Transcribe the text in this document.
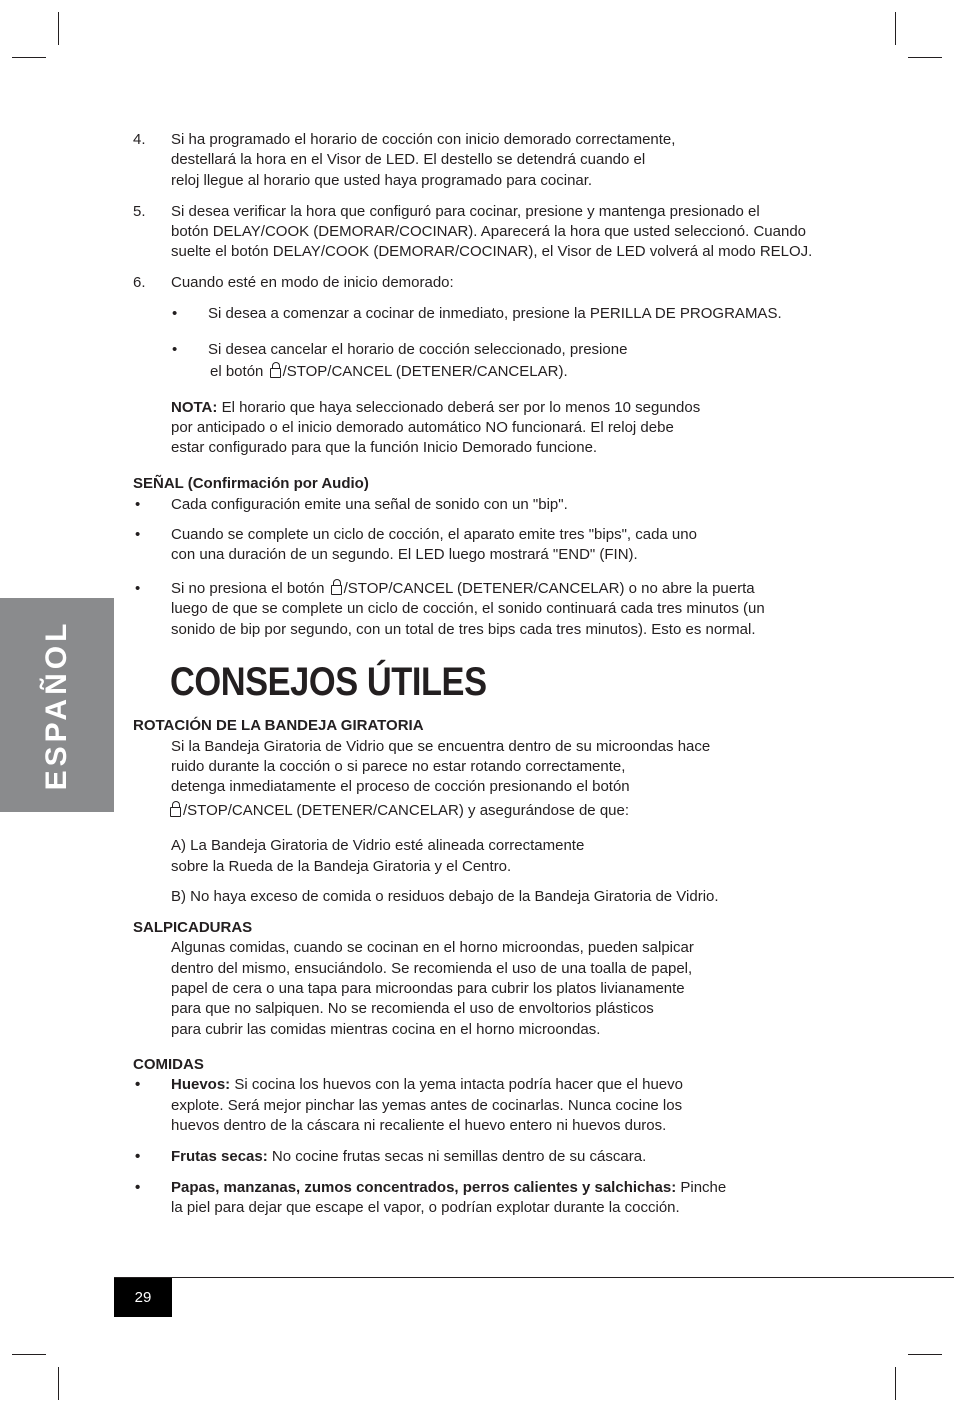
ESPAÑOL
4. Si ha programado el horario de cocción con inicio demorado correctamente,
destellará la hora en el Visor de LED. El destello se detendrá cuando el
reloj llegue al horario que usted haya programado para cocinar.
5. Si desea verificar la hora que configuró para cocinar, presione y mantenga presionado el
botón DELAY/COOK (DEMORAR/COCINAR). Aparecerá la hora que usted seleccionó. Cuando
suelte el botón DELAY/COOK (DEMORAR/COCINAR), el Visor de LED volverá al modo RELOJ.
6. Cuando esté en modo de inicio demorado:
• Si desea a comenzar a cocinar de inmediato, presione la PERILLA DE PROGRAMAS.
• Si desea cancelar el horario de cocción seleccionado, presione
el botón /STOP/CANCEL (DETENER/CANCELAR).
NOTA: El horario que haya seleccionado deberá ser por lo menos 10 segundos
por anticipado o el inicio demorado automático NO funcionará. El reloj debe
estar configurado para que la función Inicio Demorado funcione.
SEÑAL (Confirmación por Audio)
• Cada configuración emite una señal de sonido con un "bip".
• Cuando se complete un ciclo de cocción, el aparato emite tres "bips", cada uno
con una duración de un segundo. El LED luego mostrará "END" (FIN).
• Si no presiona el botón /STOP/CANCEL (DETENER/CANCELAR) o no abre la puerta
luego de que se complete un ciclo de cocción, el sonido continuará cada tres minutos (un
sonido de bip por segundo, con un total de tres bips cada tres minutos). Esto es normal.
CONSEJOS ÚTILES
ROTACIÓN DE LA BANDEJA GIRATORIA
Si la Bandeja Giratoria de Vidrio que se encuentra dentro de su microondas hace
ruido durante la cocción o si parece no estar rotando correctamente,
detenga inmediatamente el proceso de cocción presionando el botón
/STOP/CANCEL (DETENER/CANCELAR) y asegurándose de que:
A) La Bandeja Giratoria de Vidrio esté alineada correctamente
sobre la Rueda de la Bandeja Giratoria y el Centro.
B) No haya exceso de comida o residuos debajo de la Bandeja Giratoria de Vidrio.
SALPICADURAS
Algunas comidas, cuando se cocinan en el horno microondas, pueden salpicar
dentro del mismo, ensuciándolo. Se recomienda el uso de una toalla de papel,
papel de cera o una tapa para microondas para cubrir los platos livianamente
para que no salpiquen. No se recomienda el uso de envoltorios plásticos
para cubrir las comidas mientras cocina en el horno microondas.
COMIDAS
• Huevos: Si cocina los huevos con la yema intacta podría hacer que el huevo
explote. Será mejor pinchar las yemas antes de cocinarlas. Nunca cocine los
huevos dentro de la cáscara ni recaliente el huevo entero ni huevos duros.
• Frutas secas: No cocine frutas secas ni semillas dentro de su cáscara.
• Papas, manzanas, zumos concentrados, perros calientes y salchichas: Pinche
la piel para dejar que escape el vapor, o podrían explotar durante la cocción.
29
